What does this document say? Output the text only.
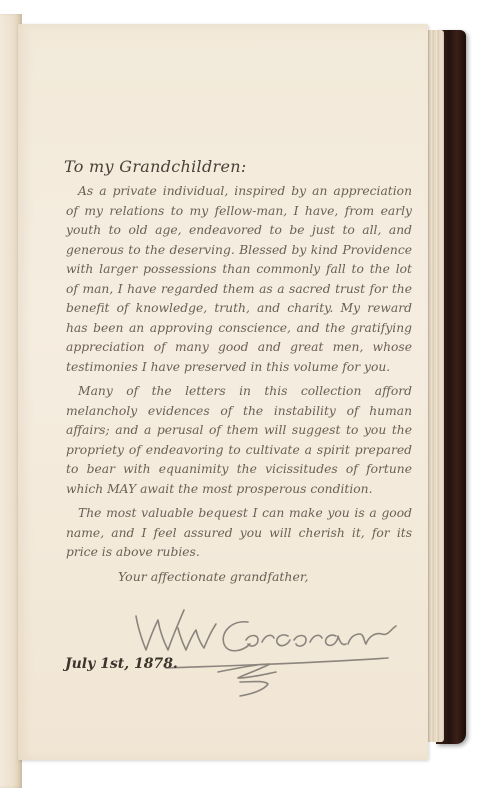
To my Grandchildren:

As a private individual, inspired by an appreciation of my relations to my fellow-man, I have, from early youth to old age, endeavored to be just to all, and generous to the deserving. Blessed by kind Providence with larger possessions than commonly fall to the lot of man, I have regarded them as a sacred trust for the benefit of knowledge, truth, and charity. My reward has been an approving conscience, and the gratifying appreciation of many good and great men, whose testimonies I have preserved in this volume for you.

Many of the letters in this collection afford melancholy evidences of the instability of human affairs; and a perusal of them will suggest to you the propriety of endeavoring to cultivate a spirit prepared to bear with equanimity the vicissitudes of fortune which MAY await the most prosperous condition.

The most valuable bequest I can make you is a good name, and I feel assured you will cherish it, for its price is above rubies.

Your affectionate grandfather,
July 1st, 1878.
